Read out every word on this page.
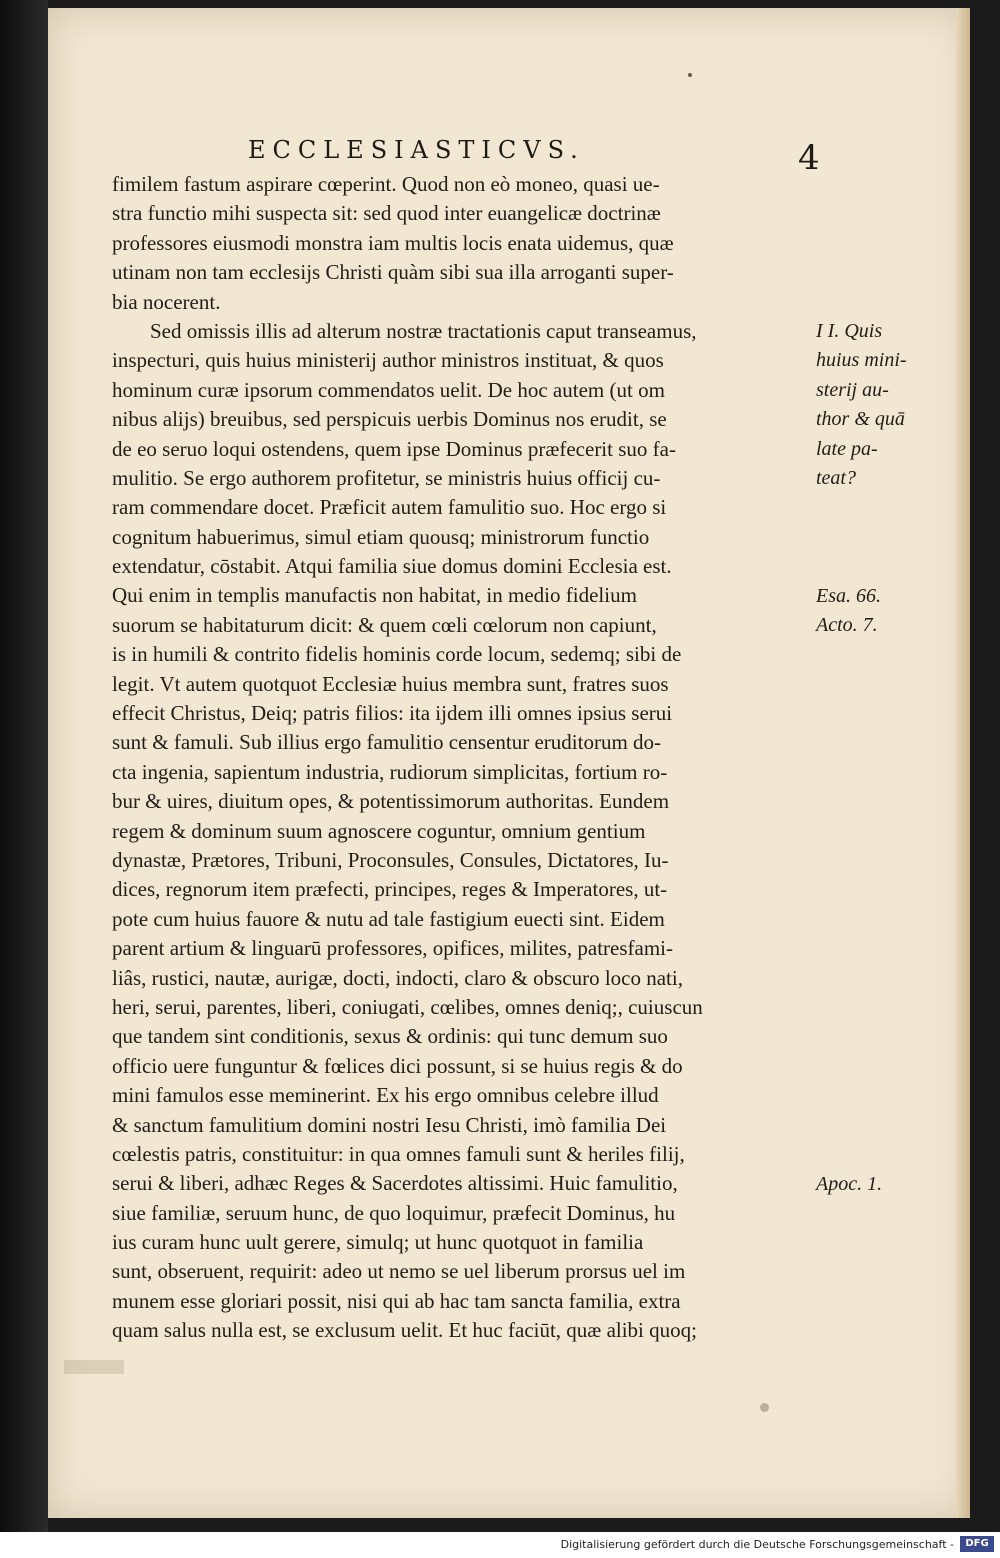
ECCLESIASTICVS.	4
fimilem fastum aspirare cœperint. Quod non eò moneo, quasi ue-
stra functio mihi suspecta sit: sed quod inter euangelicæ doctrinæ
professores eiusmodi monstra iam multis locis enata uidemus, quæ
utinam non tam ecclesijs Christi quàm sibi sua illa arroganti super-
bia nocerent.
Sed omissis illis ad alterum nostræ tractationis caput transeamus,
inspecturi, quis huius ministerij author ministros instituat, & quos
hominum curæ ipsorum commendatos uelit. De hoc autem (ut om
nibus alijs) breuibus, sed perspicuis uerbis Dominus nos erudit, se
de eo seruo loqui ostendens, quem ipse Dominus præfecerit suo fa-
mulitio. Se ergo authorem profitetur, se ministris huius officij cu-
ram commendare docet. Præficit autem famulitio suo. Hoc ergo si
cognitum habuerimus, simul etiam quousq; ministrorum functio
extendatur, cōstabit. Atqui familia siue domus domini Ecclesia est.
Qui enim in templis manufactis non habitat, in medio fidelium
suorum se habitaturum dicit: & quem cœli cœlorum non capiunt,
is in humili & contrito fidelis hominis corde locum, sedemq; sibi de
legit. Vt autem quotquot Ecclesiæ huius membra sunt, fratres suos
effecit Christus, Deiq; patris filios: ita ijdem illi omnes ipsius serui
sunt & famuli. Sub illius ergo famulitio censentur eruditorum do-
cta ingenia, sapientum industria, rudiorum simplicitas, fortium ro-
bur & uires, diuitum opes, & potentissimorum authoritas. Eundem
regem & dominum suum agnoscere coguntur, omnium gentium
dynastæ, Prætores, Tribuni, Proconsules, Consules, Dictatores, Iu-
dices, regnorum item præfecti, principes, reges & Imperatores, ut-
pote cum huius fauore & nutu ad tale fastigium euecti sint. Eidem
parent artium & linguarū professores, opifices, milites, patresfami-
liâs, rustici, nautæ, aurigæ, docti, indocti, claro & obscuro loco nati,
heri, serui, parentes, liberi, coniugati, cœlibes, omnes deniq;, cuiuscun
que tandem sint conditionis, sexus & ordinis: qui tunc demum suo
officio uere funguntur & fœlices dici possunt, si se huius regis & do
mini famulos esse meminerint. Ex his ergo omnibus celebre illud
& sanctum famulitium domini nostri Iesu Christi, imò familia Dei
cœlestis patris, constituitur: in qua omnes famuli sunt & heriles filij,
serui & liberi, adhæc Reges & Sacerdotes altissimi. Huic famulitio,
siue familiæ, seruum hunc, de quo loquimur, præfecit Dominus, hu
ius curam hunc uult gerere, simulq; ut hunc quotquot in familia
sunt, obseruent, requirit: adeo ut nemo se uel liberum prorsus uel im
munem esse gloriari possit, nisi qui ab hac tam sancta familia, extra
quam salus nulla est, se exclusum uelit. Et huc faciūt, quæ alibi quoq;
I I. Quis
huius mini-
sterij au-
thor & quā
late pa-
teat?
Esa. 66.
Acto. 7.
Apoc. 1.
Digitalisierung gefördert durch die Deutsche Forschungsgemeinschaft -	DFG
